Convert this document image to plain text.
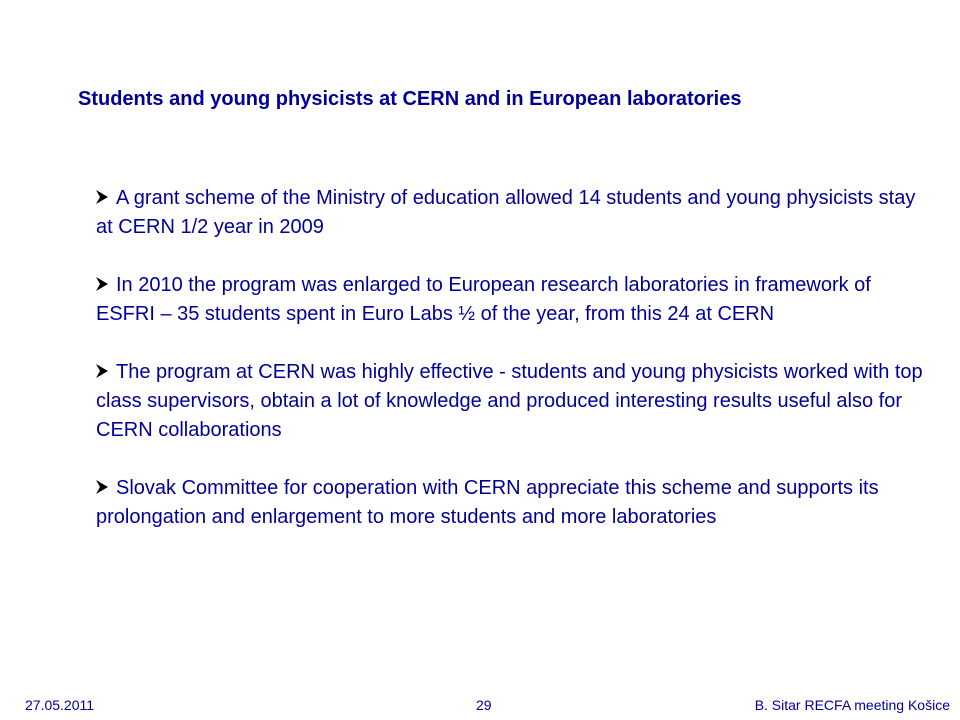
Students and young physicists at CERN and in European laboratories
A grant scheme of the Ministry of education allowed 14 students and young physicists stay at CERN 1/2 year in 2009
In 2010 the program was enlarged to European research laboratories in framework of ESFRI – 35 students spent in Euro Labs ½ of the year, from this 24 at CERN
The program at CERN was highly effective - students and young physicists worked with top class supervisors, obtain a lot of knowledge and produced interesting results useful also for CERN collaborations
Slovak Committee for cooperation with CERN appreciate this scheme and supports its prolongation and enlargement to more students and more laboratories
27.05.2011	29	B. Sitar RECFA meeting Košice
